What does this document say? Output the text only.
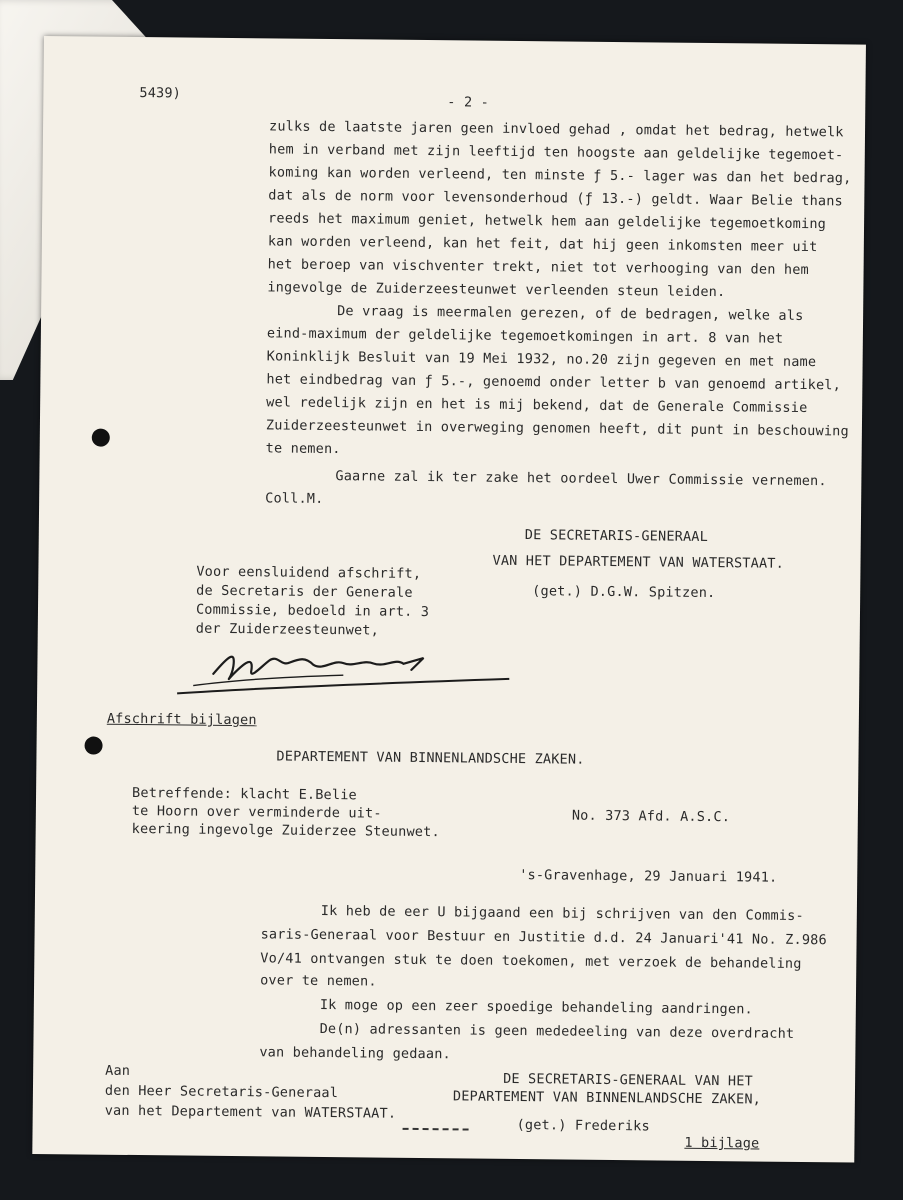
5439)
- 2 -
zulks de laatste jaren geen invloed gehad , omdat het bedrag, hetwelk
hem in verband met zijn leeftijd ten hoogste aan geldelijke tegemoet-
koming kan worden verleend, ten minste ƒ 5.- lager was dan het bedrag,
dat als de norm voor levensonderhoud (ƒ 13.-) geldt. Waar Belie thans
reeds het maximum geniet, hetwelk hem aan geldelijke tegemoetkoming
kan worden verleend, kan het feit, dat hij geen inkomsten meer uit
het beroep van vischventer trekt, niet tot verhooging van den hem
ingevolge de Zuiderzeesteunwet verleenden steun leiden.
De vraag is meermalen gerezen, of de bedragen, welke als
eind-maximum der geldelijke tegemoetkomingen in art. 8 van het
Koninklijk Besluit van 19 Mei 1932, no.20 zijn gegeven en met name
het eindbedrag van ƒ 5.-, genoemd onder letter b van genoemd artikel,
wel redelijk zijn en het is mij bekend, dat de Generale Commissie
Zuiderzeesteunwet in overweging genomen heeft, dit punt in beschouwing
te nemen.
Gaarne zal ik ter zake het oordeel Uwer Commissie vernemen.
Coll.M.
DE SECRETARIS-GENERAAL
VAN HET DEPARTEMENT VAN WATERSTAAT.
(get.) D.G.W. Spitzen.
Voor eensluidend afschrift,
de Secretaris der Generale
Commissie, bedoeld in art. 3
der Zuiderzeesteunwet,
Afschrift bijlagen
DEPARTEMENT VAN BINNENLANDSCHE ZAKEN.
Betreffende: klacht E.Belie
te Hoorn over verminderde uit-
keering ingevolge Zuiderzee Steunwet.
No. 373 Afd. A.S.C.
's-Gravenhage, 29 Januari 1941.
Ik heb de eer U bijgaand een bij schrijven van den Commis-
saris-Generaal voor Bestuur en Justitie d.d. 24 Januari'41 No. Z.986
Vo/41 ontvangen stuk te doen toekomen, met verzoek de behandeling
over te nemen.
Ik moge op een zeer spoedige behandeling aandringen.
De(n) adressanten is geen mededeeling van deze overdracht
van behandeling gedaan.
Aan
den Heer Secretaris-Generaal
van het Departement van WATERSTAAT.
DE SECRETARIS-GENERAAL VAN HET
DEPARTEMENT VAN BINNENLANDSCHE ZAKEN,
(get.) Frederiks
1 bijlage
